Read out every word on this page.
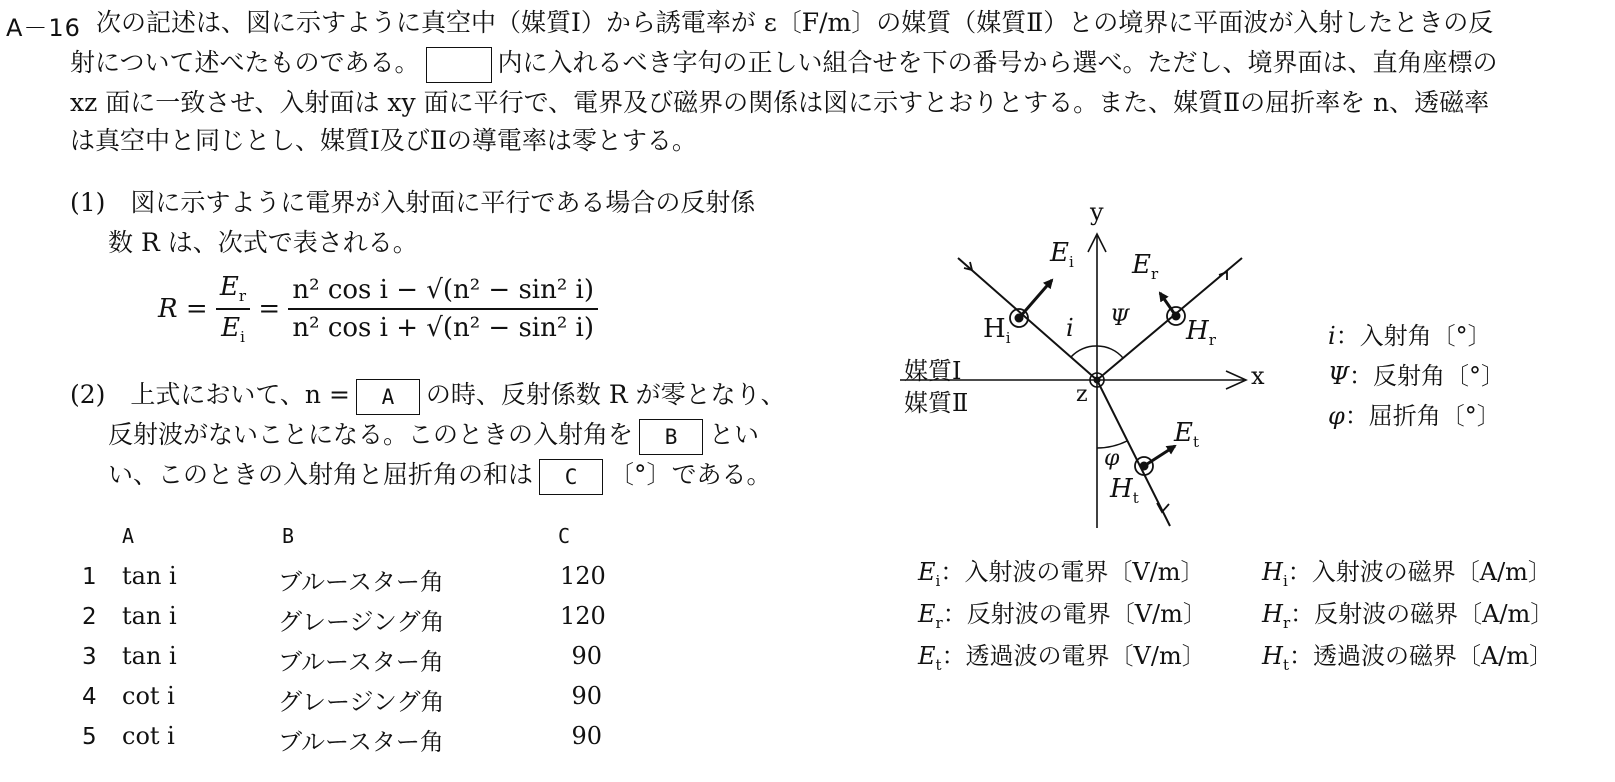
A－16 次の記述は、図に示すように真空中（媒質Ⅰ）から誘電率が ε〔F/m〕の媒質（媒質Ⅱ）との境界に平面波が入射したときの反
射について述べたものである。	内に入れるべき字句の正しい組合せを下の番号から選べ。ただし、境界面は、直角座標の
xz 面に一致させ、入射面は xy 面に平行で、電界及び磁界の関係は図に示すとおりとする。また、媒質Ⅱの屈折率を n、透磁率
は真空中と同じとし、媒質Ⅰ及びⅡの導電率は零とする。
(1)　図に示すように電界が入射面に平行である場合の反射係
数 R は、次式で表される。
$R = \frac{E_r}{E_i} = \frac{\text{n² cos i − √(n² − sin² i)}}{\text{n² cos i + √(n² − sin² i)}}$
(2)　上式において、n = A の時、反射係数 R が零となり、
反射波がないことになる。このときの入射角を B とい
い、このときの入射角と屈折角の和は C 〔°〕である。
A	B	C
1 tan i	ブルースター角	120
2 tan i	グレージング角	120
3 tan i	ブルースター角	90
4 cot i	グレージング角	90
5 cot i	ブルースター角	90
y
x
z
媒質Ⅰ
媒質Ⅱ
$E_i$ $E_r$
$E_t$
$H_i$	$H_r$
$H_t$
i Ψ
φ
i：入射角〔°〕
Ψ：反射角〔°〕
φ：屈折角〔°〕
$E_i$：入射波の電界〔V/m〕 $H_i$：入射波の磁界〔A/m〕
$E_r$：反射波の電界〔V/m〕 $H_r$：反射波の磁界〔A/m〕
$E_t$：透過波の電界〔V/m〕 $H_t$：透過波の磁界〔A/m〕
